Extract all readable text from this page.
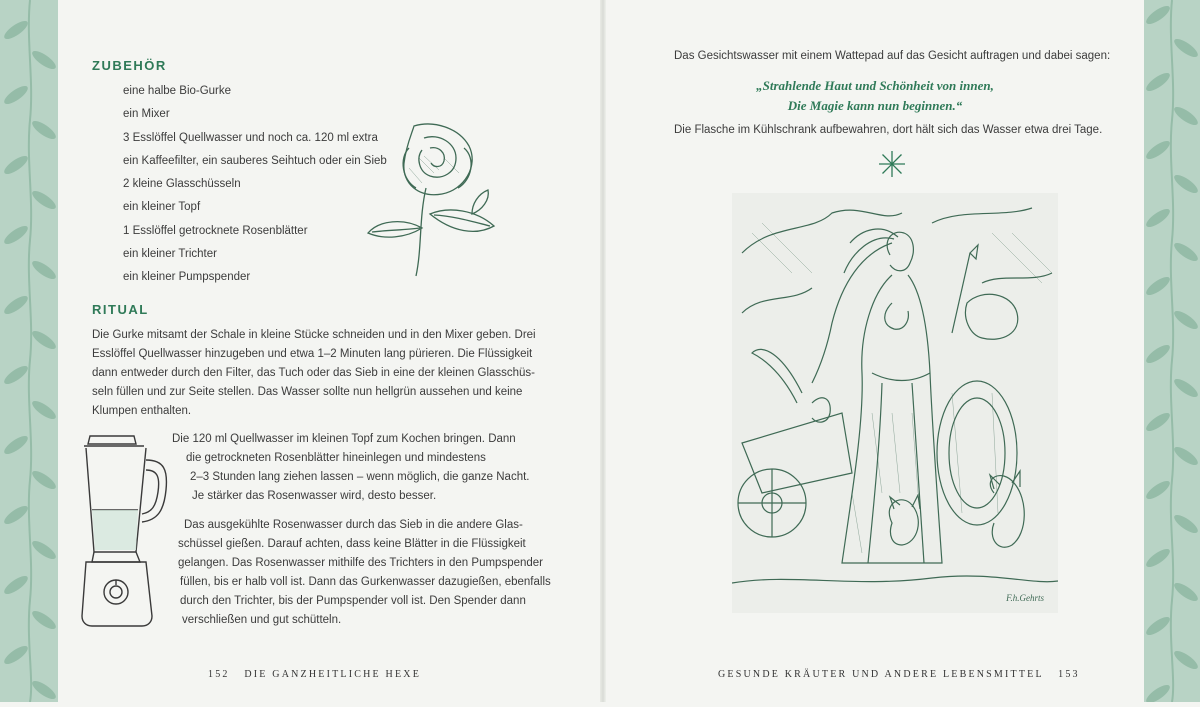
ZUBEHÖR
eine halbe Bio-Gurke
ein Mixer
3 Esslöffel Quellwasser und noch ca. 120 ml extra
ein Kaffeefilter, ein sauberes Seihtuch oder ein Sieb
2 kleine Glasschüsseln
ein kleiner Topf
1 Esslöffel getrocknete Rosenblätter
ein kleiner Trichter
ein kleiner Pumpspender
RITUAL
Die Gurke mitsamt der Schale in kleine Stücke schneiden und in den Mixer geben. Drei
Esslöffel Quellwasser hinzugeben und etwa 1–2 Minuten lang pürieren. Die Flüssigkeit
dann entweder durch den Filter, das Tuch oder das Sieb in eine der kleinen Glasschüs-
seln füllen und zur Seite stellen. Das Wasser sollte nun hellgrün aussehen und keine
Klumpen enthalten.
Die 120 ml Quellwasser im kleinen Topf zum Kochen bringen. Dann
die getrockneten Rosenblätter hineinlegen und mindestens
2–3 Stunden lang ziehen lassen – wenn möglich, die ganze Nacht.
Je stärker das Rosenwasser wird, desto besser.
Das ausgekühlte Rosenwasser durch das Sieb in die andere Glas-
schüssel gießen. Darauf achten, dass keine Blätter in die Flüssigkeit
gelangen. Das Rosenwasser mithilfe des Trichters in den Pumpspender
füllen, bis er halb voll ist. Dann das Gurkenwasser dazugießen, ebenfalls
durch den Trichter, bis der Pumpspender voll ist. Den Spender dann
verschließen und gut schütteln.
152 DIE GANZHEITLICHE HEXE
Das Gesichtswasser mit einem Wattepad auf das Gesicht auftragen und dabei sagen:
„Strahlende Haut und Schönheit von innen,
Die Magie kann nun beginnen.“
Die Flasche im Kühlschrank aufbewahren, dort hält sich das Wasser etwa drei Tage.
F.h.Gehrts
GESUNDE KRÄUTER UND ANDERE LEBENSMITTEL 153
